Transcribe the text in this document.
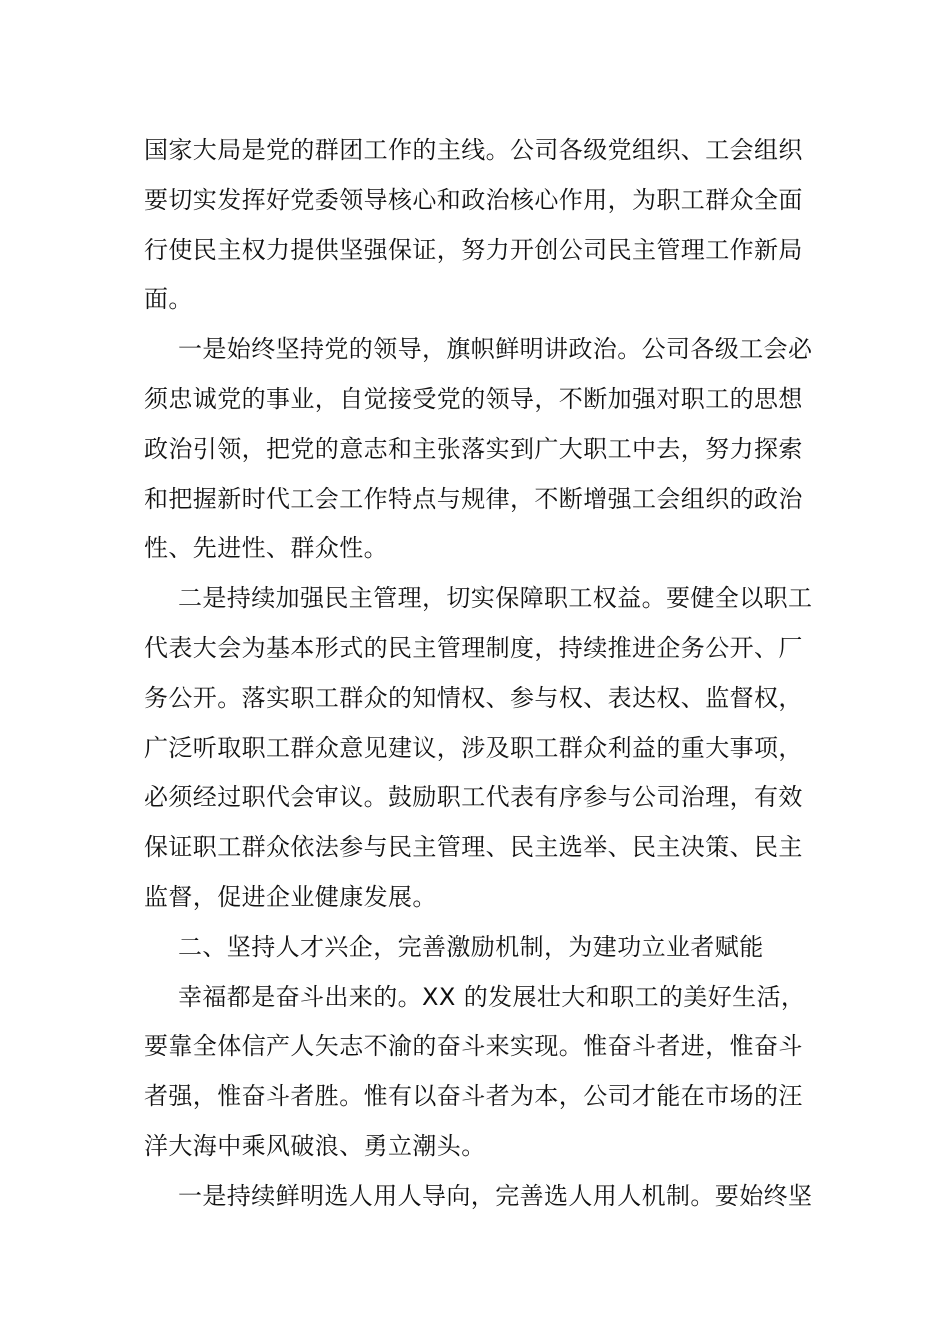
国家大局是党的群团工作的主线。公司各级党组织、工会组织
要切实发挥好党委领导核心和政治核心作用，为职工群众全面
行使民主权力提供坚强保证，努力开创公司民主管理工作新局
面。
一是始终坚持党的领导，旗帜鲜明讲政治。公司各级工会必
须忠诚党的事业，自觉接受党的领导，不断加强对职工的思想
政治引领，把党的意志和主张落实到广大职工中去，努力探索
和把握新时代工会工作特点与规律，不断增强工会组织的政治
性、先进性、群众性。
二是持续加强民主管理，切实保障职工权益。要健全以职工
代表大会为基本形式的民主管理制度，持续推进企务公开、厂
务公开。落实职工群众的知情权、参与权、表达权、监督权，
广泛听取职工群众意见建议，涉及职工群众利益的重大事项，
必须经过职代会审议。鼓励职工代表有序参与公司治理，有效
保证职工群众依法参与民主管理、民主选举、民主决策、民主
监督，促进企业健康发展。
二、坚持人才兴企，完善激励机制，为建功立业者赋能
幸福都是奋斗出来的。XX 的发展壮大和职工的美好生活，
要靠全体信产人矢志不渝的奋斗来实现。惟奋斗者进，惟奋斗
者强，惟奋斗者胜。惟有以奋斗者为本，公司才能在市场的汪
洋大海中乘风破浪、勇立潮头。
一是持续鲜明选人用人导向，完善选人用人机制。要始终坚
